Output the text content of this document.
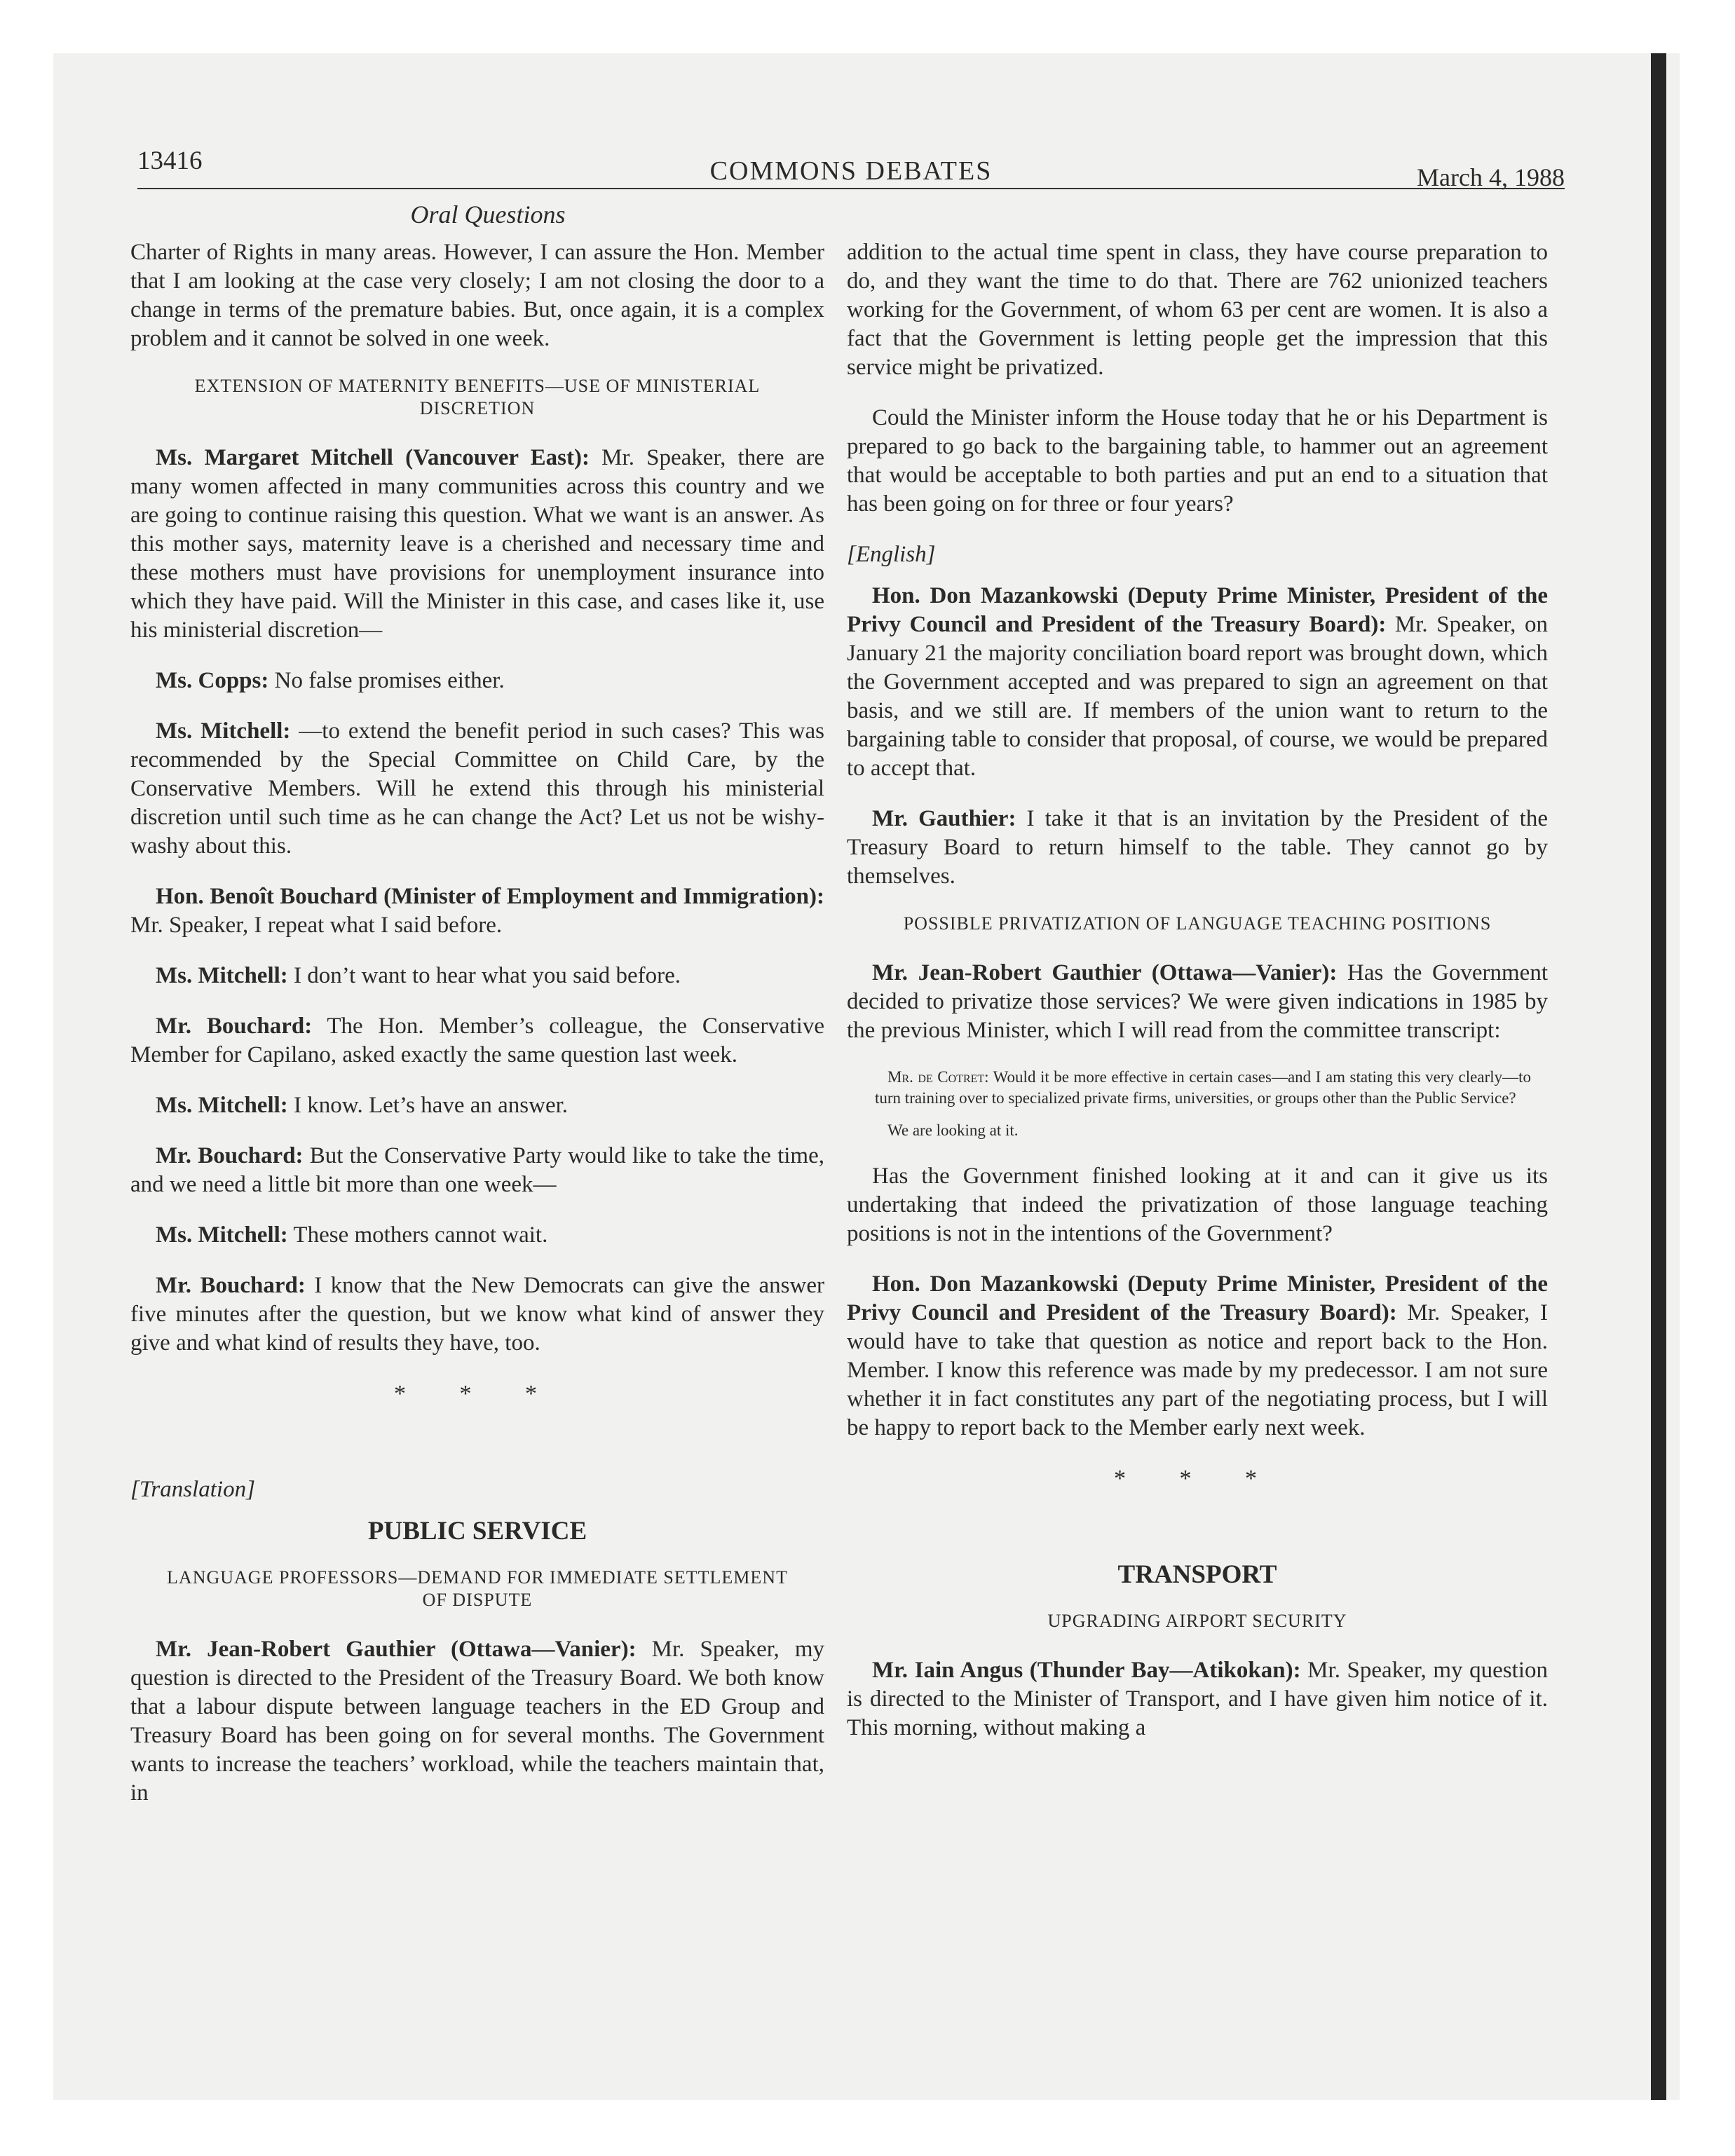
13416	COMMONS DEBATES	March 4, 1988
Oral Questions

Charter of Rights in many areas. However, I can assure the Hon. Member that I am looking at the case very closely; I am not closing the door to a change in terms of the premature babies. But, once again, it is a complex problem and it cannot be solved in one week.

EXTENSION OF MATERNITY BENEFITS—USE OF MINISTERIAL DISCRETION

Ms. Margaret Mitchell (Vancouver East): Mr. Speaker, there are many women affected in many communities across this country and we are going to continue raising this question. What we want is an answer. As this mother says, maternity leave is a cherished and necessary time and these mothers must have provisions for unemployment insurance into which they have paid. Will the Minister in this case, and cases like it, use his ministerial discretion—

Ms. Copps: No false promises either.

Ms. Mitchell: —to extend the benefit period in such cases? This was recommended by the Special Committee on Child Care, by the Conservative Members. Will he extend this through his ministerial discretion until such time as he can change the Act? Let us not be wishy-washy about this.

Hon. Benoît Bouchard (Minister of Employment and Immigration): Mr. Speaker, I repeat what I said before.

Ms. Mitchell: I don’t want to hear what you said before.

Mr. Bouchard: The Hon. Member’s colleague, the Conservative Member for Capilano, asked exactly the same question last week.

Ms. Mitchell: I know. Let’s have an answer.

Mr. Bouchard: But the Conservative Party would like to take the time, and we need a little bit more than one week—

Ms. Mitchell: These mothers cannot wait.

Mr. Bouchard: I know that the New Democrats can give the answer five minutes after the question, but we know what kind of answer they give and what kind of results they have, too.

* * *
[Translation]
PUBLIC SERVICE
LANGUAGE PROFESSORS—DEMAND FOR IMMEDIATE SETTLEMENT OF DISPUTE

Mr. Jean-Robert Gauthier (Ottawa—Vanier): Mr. Speaker, my question is directed to the President of the Treasury Board. We both know that a labour dispute between language teachers in the ED Group and Treasury Board has been going on for several months. The Government wants to increase the teachers’ workload, while the teachers maintain that, in

addition to the actual time spent in class, they have course preparation to do, and they want the time to do that. There are 762 unionized teachers working for the Government, of whom 63 per cent are women. It is also a fact that the Government is letting people get the impression that this service might be privatized.

Could the Minister inform the House today that he or his Department is prepared to go back to the bargaining table, to hammer out an agreement that would be acceptable to both parties and put an end to a situation that has been going on for three or four years?

[English]

Hon. Don Mazankowski (Deputy Prime Minister, President of the Privy Council and President of the Treasury Board): Mr. Speaker, on January 21 the majority conciliation board report was brought down, which the Government accepted and was prepared to sign an agreement on that basis, and we still are. If members of the union want to return to the bargaining table to consider that proposal, of course, we would be prepared to accept that.

Mr. Gauthier: I take it that is an invitation by the President of the Treasury Board to return himself to the table. They cannot go by themselves.

POSSIBLE PRIVATIZATION OF LANGUAGE TEACHING POSITIONS

Mr. Jean-Robert Gauthier (Ottawa—Vanier): Has the Government decided to privatize those services? We were given indications in 1985 by the previous Minister, which I will read from the committee transcript:

Mr. de Cotret: Would it be more effective in certain cases—and I am stating this very clearly—to turn training over to specialized private firms, universities, or groups other than the Public Service?
We are looking at it.

Has the Government finished looking at it and can it give us its undertaking that indeed the privatization of those language teaching positions is not in the intentions of the Government?

Hon. Don Mazankowski (Deputy Prime Minister, President of the Privy Council and President of the Treasury Board): Mr. Speaker, I would have to take that question as notice and report back to the Hon. Member. I know this reference was made by my predecessor. I am not sure whether it in fact constitutes any part of the negotiating process, but I will be happy to report back to the Member early next week.

* * *
TRANSPORT
UPGRADING AIRPORT SECURITY

Mr. Iain Angus (Thunder Bay—Atikokan): Mr. Speaker, my question is directed to the Minister of Transport, and I have given him notice of it. This morning, without making a
